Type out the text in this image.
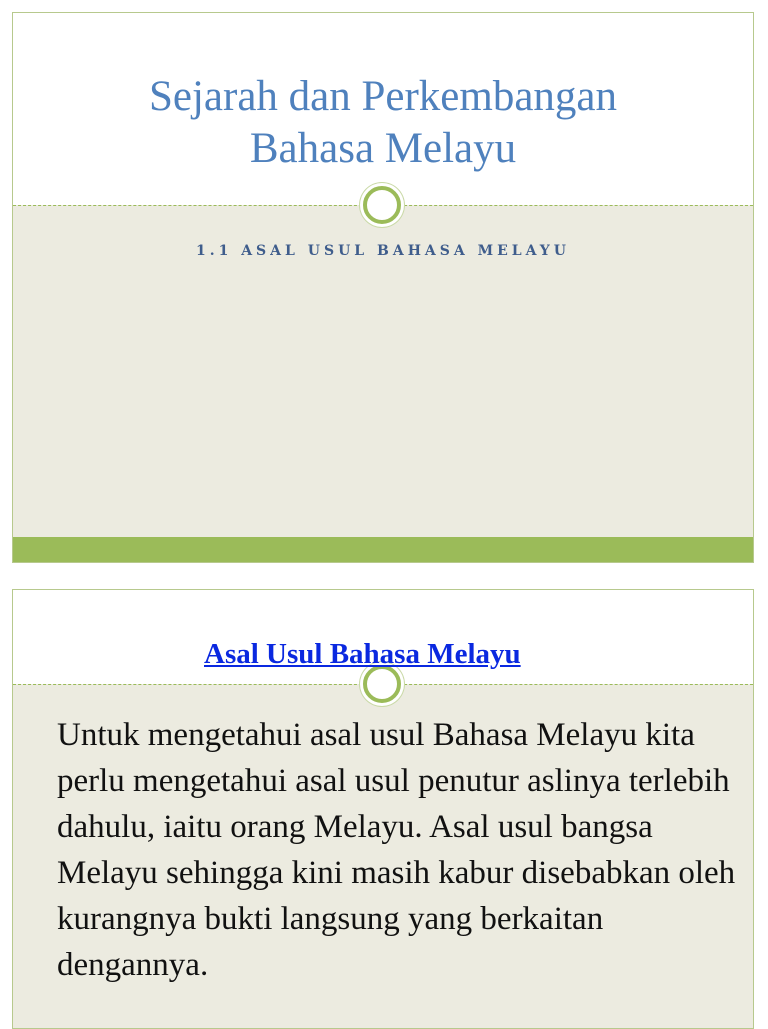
Sejarah dan Perkembangan
Bahasa Melayu
1.1 ASAL USUL BAHASA MELAYU
Asal Usul Bahasa Melayu

Untuk mengetahui asal usul Bahasa Melayu kita perlu mengetahui asal usul penutur aslinya terlebih dahulu, iaitu orang Melayu. Asal usul bangsa Melayu sehingga kini masih kabur disebabkan oleh kurangnya bukti langsung yang berkaitan dengannya.
